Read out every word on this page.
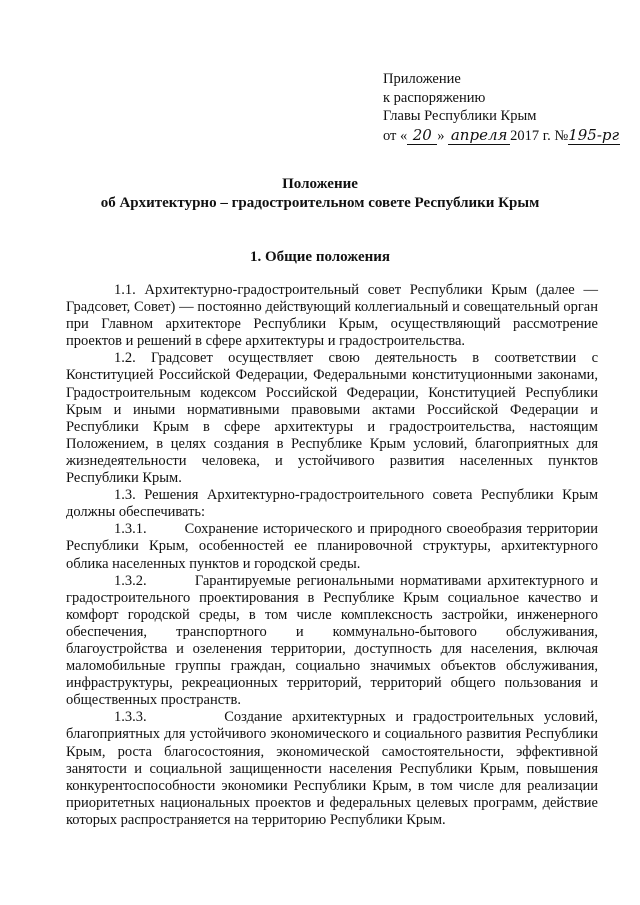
Приложение
к распоряжению
Главы Республики Крым
от « 20 » апреля 2017 г. №195-рг
Положение
об Архитектурно – градостроительном совете Республики Крым
1. Общие положения

1.1. Архитектурно-градостроительный совет Республики Крым (далее — Градсовет, Совет) — постоянно действующий коллегиальный и совещательный орган при Главном архитекторе Республики Крым, осуществляющий рассмотрение проектов и решений в сфере архитектуры и градостроительства.

1.2. Градсовет осуществляет свою деятельность в соответствии с Конституцией Российской Федерации, Федеральными конституционными законами, Градостроительным кодексом Российской Федерации, Конституцией Республики Крым и иными нормативными правовыми актами Российской Федерации и Республики Крым в сфере архитектуры и градостроительства, настоящим Положением, в целях создания в Республике Крым условий, благоприятных для жизнедеятельности человека, и устойчивого развития населенных пунктов Республики Крым.

1.3. Решения Архитектурно-градостроительного совета Республики Крым должны обеспечивать:

1.3.1.	Сохранение исторического и природного своеобразия территории Республики Крым, особенностей ее планировочной структуры, архитектурного облика населенных пунктов и городской среды.

1.3.2.	Гарантируемые региональными нормативами архитектурного и градостроительного проектирования в Республике Крым социальное качество и комфорт городской среды, в том числе комплексность застройки, инженерного обеспечения, транспортного и коммунально-бытового обслуживания, благоустройства и озеленения территории, доступность для населения, включая маломобильные группы граждан, социально значимых объектов обслуживания, инфраструктуры, рекреационных территорий, территорий общего пользования и общественных пространств.

1.3.3.	Создание архитектурных и градостроительных условий, благоприятных для устойчивого экономического и социального развития Республики Крым, роста благосостояния, экономической самостоятельности, эффективной занятости и социальной защищенности населения Республики Крым, повышения конкурентоспособности экономики Республики Крым, в том числе для реализации приоритетных национальных проектов и федеральных целевых программ, действие которых распространяется на территорию Республики Крым.
